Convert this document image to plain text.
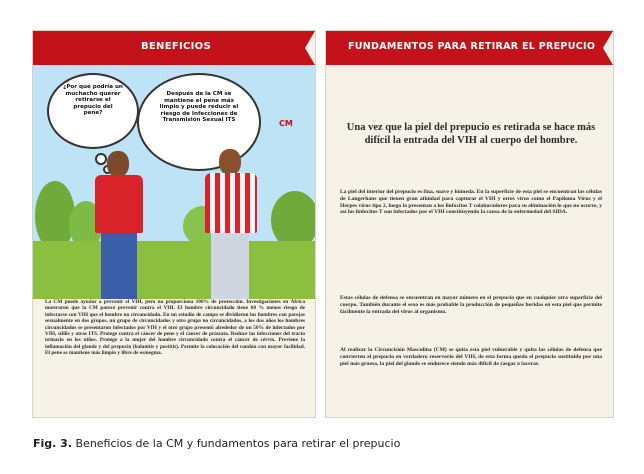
BENEFICIOS
¿Por qué podría un muchacho querer retirarse el prepucio del pene?
Después de la CM se mantiene el pene más limpio y puede reducir el riesgo de Infecciones de Transmisión Sexual ITS	CM
La CM puede ayudar a prevenir el VIH, pero no proporciona 100% de protección. Investigaciones en África mostraron que la CM parece prevenir contra el VIH. El hombre circuncidado tiene 60 % menos riesgo de infectarse con VIH que el hombre no circuncidado. En un estudio de campo se dividieron los hombres con parejas sexualmente en dos grupos, un grupo de circuncidados y otro grupo no circuncidados, a los dos años los hombres circuncidados se presentaron infectados por VIH y el otro grupo presentó alrededor de un 50% de infectados por VIH, sífilis y otras ITS. Protege contra el cáncer de pene y el cáncer de próstata. Reduce las infecciones del tracto urinario en los niños. Protege a la mujer del hombre circuncidado contra el cáncer de cérvix. Previene la inflamación del glande y del prepucio (balanitis y postitis). Permite la colocación del condón con mayor facilidad. El pene se mantiene más limpio y libre de esmegma.
FUNDAMENTOS PARA RETIRAR EL PREPUCIO
Una vez que la piel del prepucio es retirada se hace más difícil la entrada del VIH al cuerpo del hombre.
La piel del interior del prepucio es fina, suave y húmeda. En la superficie de esta piel se encuentran las células de Langerhans que tienen gran afinidad para capturar el VIH y otros virus como el Papiloma Virus y el Herpes virus tipo 2, luego lo presentan a los linfocitos T colaboradores para su eliminación lo que no ocurre, y así los linfocitos T son infectados por el VIH constituyendo la causa de la enfermedad del SIDA.
Estas células de defensa se encuentran en mayor número en el prepucio que en cualquier otra superficie del cuerpo. También durante el sexo es más probable la producción de pequeñas heridas en esta piel que permite fácilmente la entrada del virus al organismo.
Al realizar la Circuncisión Masculina (CM) se quita esta piel vulnerable y quita las células de defensa que convierten al prepucio en verdadero reservorio del VIH, de esta forma queda el prepucio sustituido por una piel más gruesa, la piel del glande se endurece siendo más difícil de rasgar o lacerar.
Fig. 3. Beneficios de la CM y fundamentos para retirar el prepucio
